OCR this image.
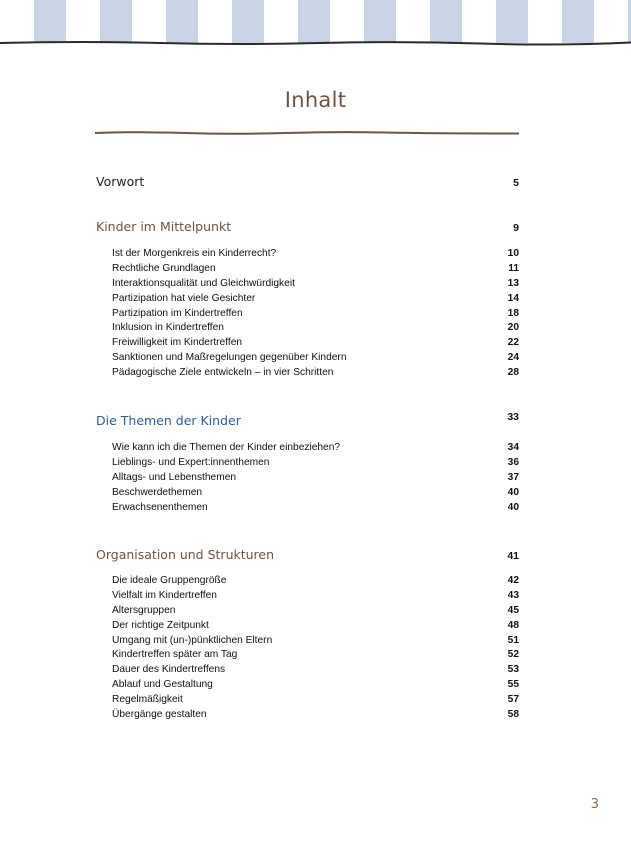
Inhalt
Vorwort	5
Kinder im Mittelpunkt	9
Ist der Morgenkreis ein Kinderrecht?	10
Rechtliche Grundlagen	11
Interaktionsqualität und Gleichwürdigkeit	13
Partizipation hat viele Gesichter	14
Partizipation im Kindertreffen	18
Inklusion in Kindertreffen	20
Freiwilligkeit im Kindertreffen	22
Sanktionen und Maßregelungen gegenüber Kindern	24
Pädagogische Ziele entwickeln – in vier Schritten	28
Die Themen der Kinder	33
Wie kann ich die Themen der Kinder einbeziehen?	34
Lieblings- und Expert:innenthemen	36
Alltags- und Lebensthemen	37
Beschwerdethemen	40
Erwachsenenthemen	40
Organisation und Strukturen	41
Die ideale Gruppengröße	42
Vielfalt im Kindertreffen	43
Altersgruppen	45
Der richtige Zeitpunkt	48
Umgang mit (un-)pünktlichen Eltern	51
Kindertreffen später am Tag	52
Dauer des Kindertreffens	53
Ablauf und Gestaltung	55
Regelmäßigkeit	57
Übergänge gestalten	58
3
